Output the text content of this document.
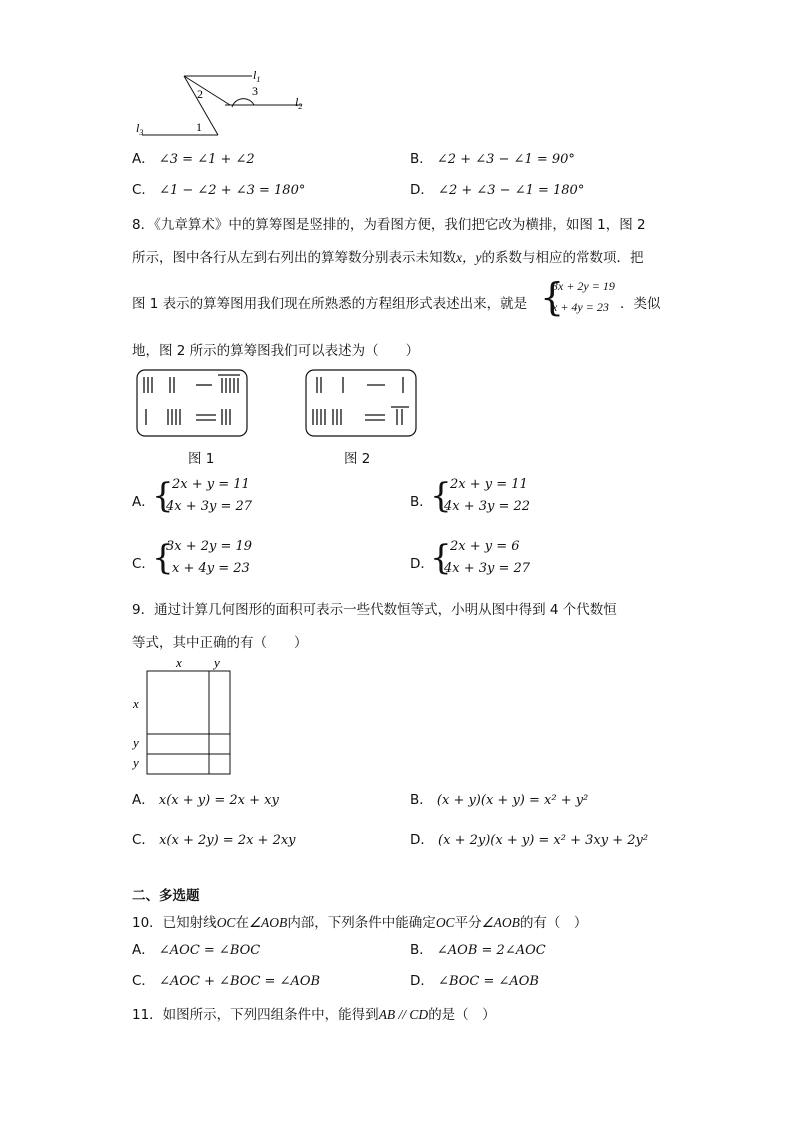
$l_1$
$l_2$
$l_3$	1
2	3
A． ∠3 = ∠1 + ∠2	B． ∠2 + ∠3 − ∠1 = 90°
C． ∠1 − ∠2 + ∠3 = 180°	D． ∠2 + ∠3 − ∠1 = 180°
8．《九章算术》中的算筹图是竖排的，为看图方便，我们把它改为横排，如图 1，图 2
所示，图中各行从左到右列出的算筹数分别表示未知数x，y的系数与相应的常数项．把
图 1 表示的算筹图用我们现在所熟悉的方程组形式表述出来，就是 {
3x + 2y = 19
x + 4y = 23 ．类似
地，图 2 所示的算筹图我们可以表述为（　　）
图 1	图 2
A．
{
2x + y = 11
4x + 3y = 27	B．
{
2x + y = 11
4x + 3y = 22
C．
{
3x + 2y = 19
x + 4y = 23	D．
{
2x + y = 6
4x + 3y = 27
9．通过计算几何图形的面积可表示一些代数恒等式，小明从图中得到 4 个代数恒
等式，其中正确的有（　　）
x y
x
y
y
A． x(x + y) = 2x + xy	B． (x + y)(x + y) = x² + y²
C． x(x + 2y) = 2x + 2xy	D． (x + 2y)(x + y) = x² + 3xy + 2y²
二、多选题
10．已知射线OC在∠AOB内部，下列条件中能确定OC平分∠AOB的有（　）
A． ∠AOC = ∠BOC	B． ∠AOB = 2∠AOC
C． ∠AOC + ∠BOC = ∠AOB	D． ∠BOC = ∠AOB
11．如图所示，下列四组条件中，能得到AB // CD的是（　）
